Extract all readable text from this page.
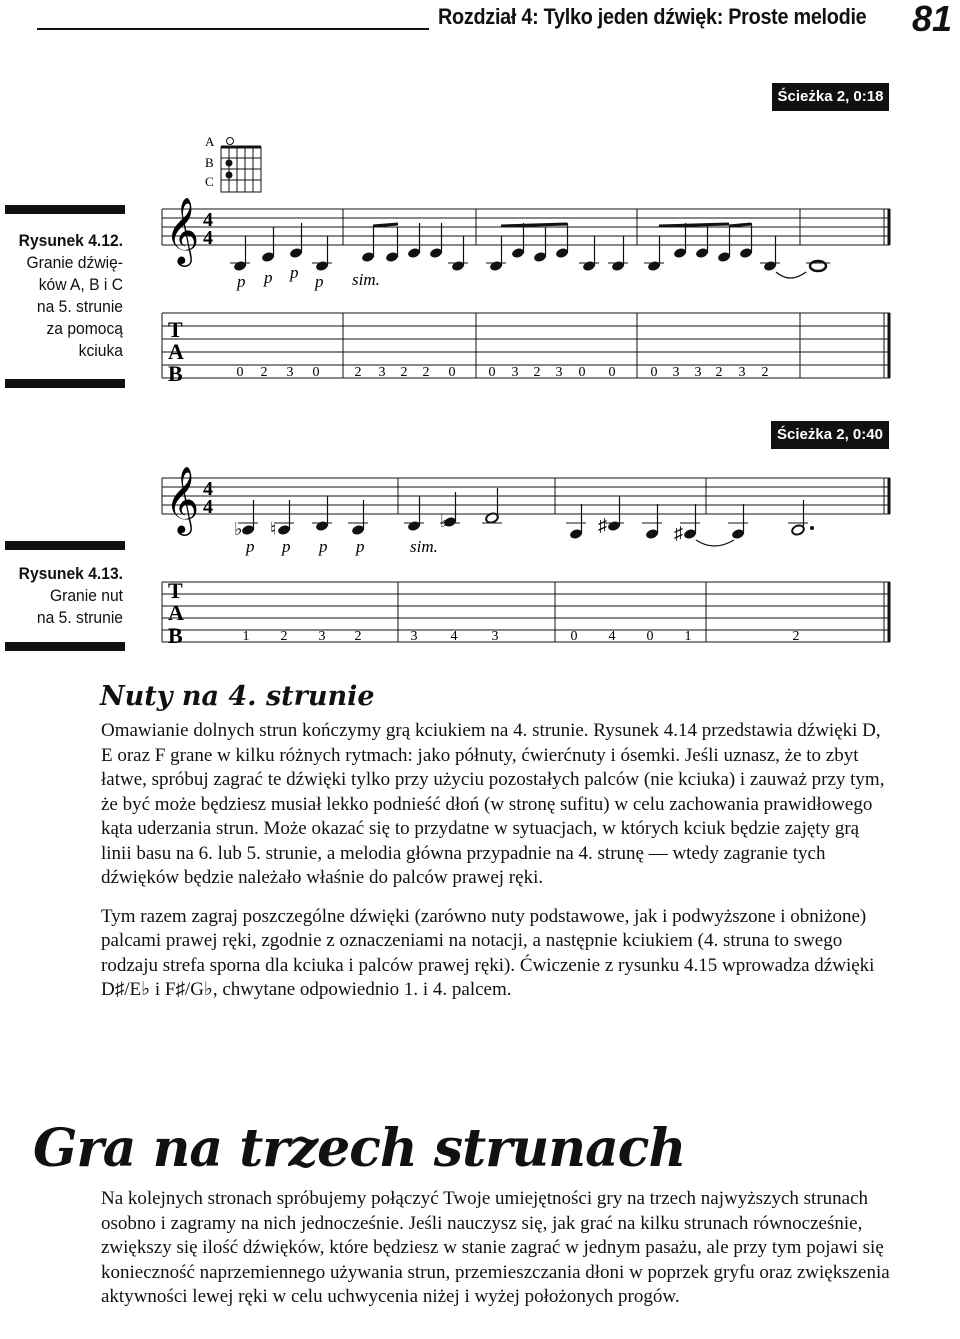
Rozdział 4: Tylko jeden dźwięk: Proste melodie 81
Ścieżka 2, 0:18
Rysunek 4.12.
Granie dźwię-
ków A, B i C
na 5. strunie
za pomocą
kciuka
A
B
C
𝄞 4
4
p p p p sim.
T
A
B	0 2 3 0	2 3 2 2 0 0 3 2 3 0 0	0 3 3 2 3 2
Ścieżka 2, 0:40
Rysunek 4.13.
Granie nut
na 5. strunie
𝄞 4
4
♭ ♮	♭	♯	♯
p p p p	sim.
T
A
B	1 2 3 2	3 4 3	0 4 0 1	2
Nuty na 4. strunie

Omawianie dolnych strun kończymy grą kciukiem na 4. strunie. Rysunek 4.14 przedstawia dźwięki D, E oraz F grane w kilku różnych rytmach: jako półnuty, ćwierćnuty i ósemki. Jeśli uznasz, że to zbyt łatwe, spróbuj zagrać te dźwięki tylko przy użyciu pozostałych palców (nie kciuka) i zauważ przy tym, że być może będziesz musiał lekko podnieść dłoń (w stronę sufitu) w celu zachowania prawidłowego kąta uderzania strun. Może okazać się to przydatne w sytuacjach, w których kciuk będzie zajęty grą linii basu na 6. lub 5. strunie, a melodia główna przypadnie na 4. strunę — wtedy zagranie tych dźwięków będzie należało właśnie do palców prawej ręki.

Tym razem zagraj poszczególne dźwięki (zarówno nuty podstawowe, jak i podwyższone i obniżone) palcami prawej ręki, zgodnie z oznaczeniami na notacji, a następnie kciukiem (4. struna to swego rodzaju strefa sporna dla kciuka i palców prawej ręki). Ćwiczenie z rysunku 4.15 wprowadza dźwięki D♯/E♭ i F♯/G♭, chwytane odpowiednio 1. i 4. palcem.

Gra na trzech strunach

Na kolejnych stronach spróbujemy połączyć Twoje umiejętności gry na trzech najwyższych strunach osobno i zagramy na nich jednocześnie. Jeśli nauczysz się, jak grać na kilku strunach równocześnie, zwiększy się ilość dźwięków, które będziesz w stanie zagrać w jednym pasażu, ale przy tym pojawi się konieczność naprzemiennego używania strun, przemieszczania dłoni w poprzek gryfu oraz zwiększenia aktywności lewej ręki w celu uchwycenia niżej i wyżej położonych progów.
